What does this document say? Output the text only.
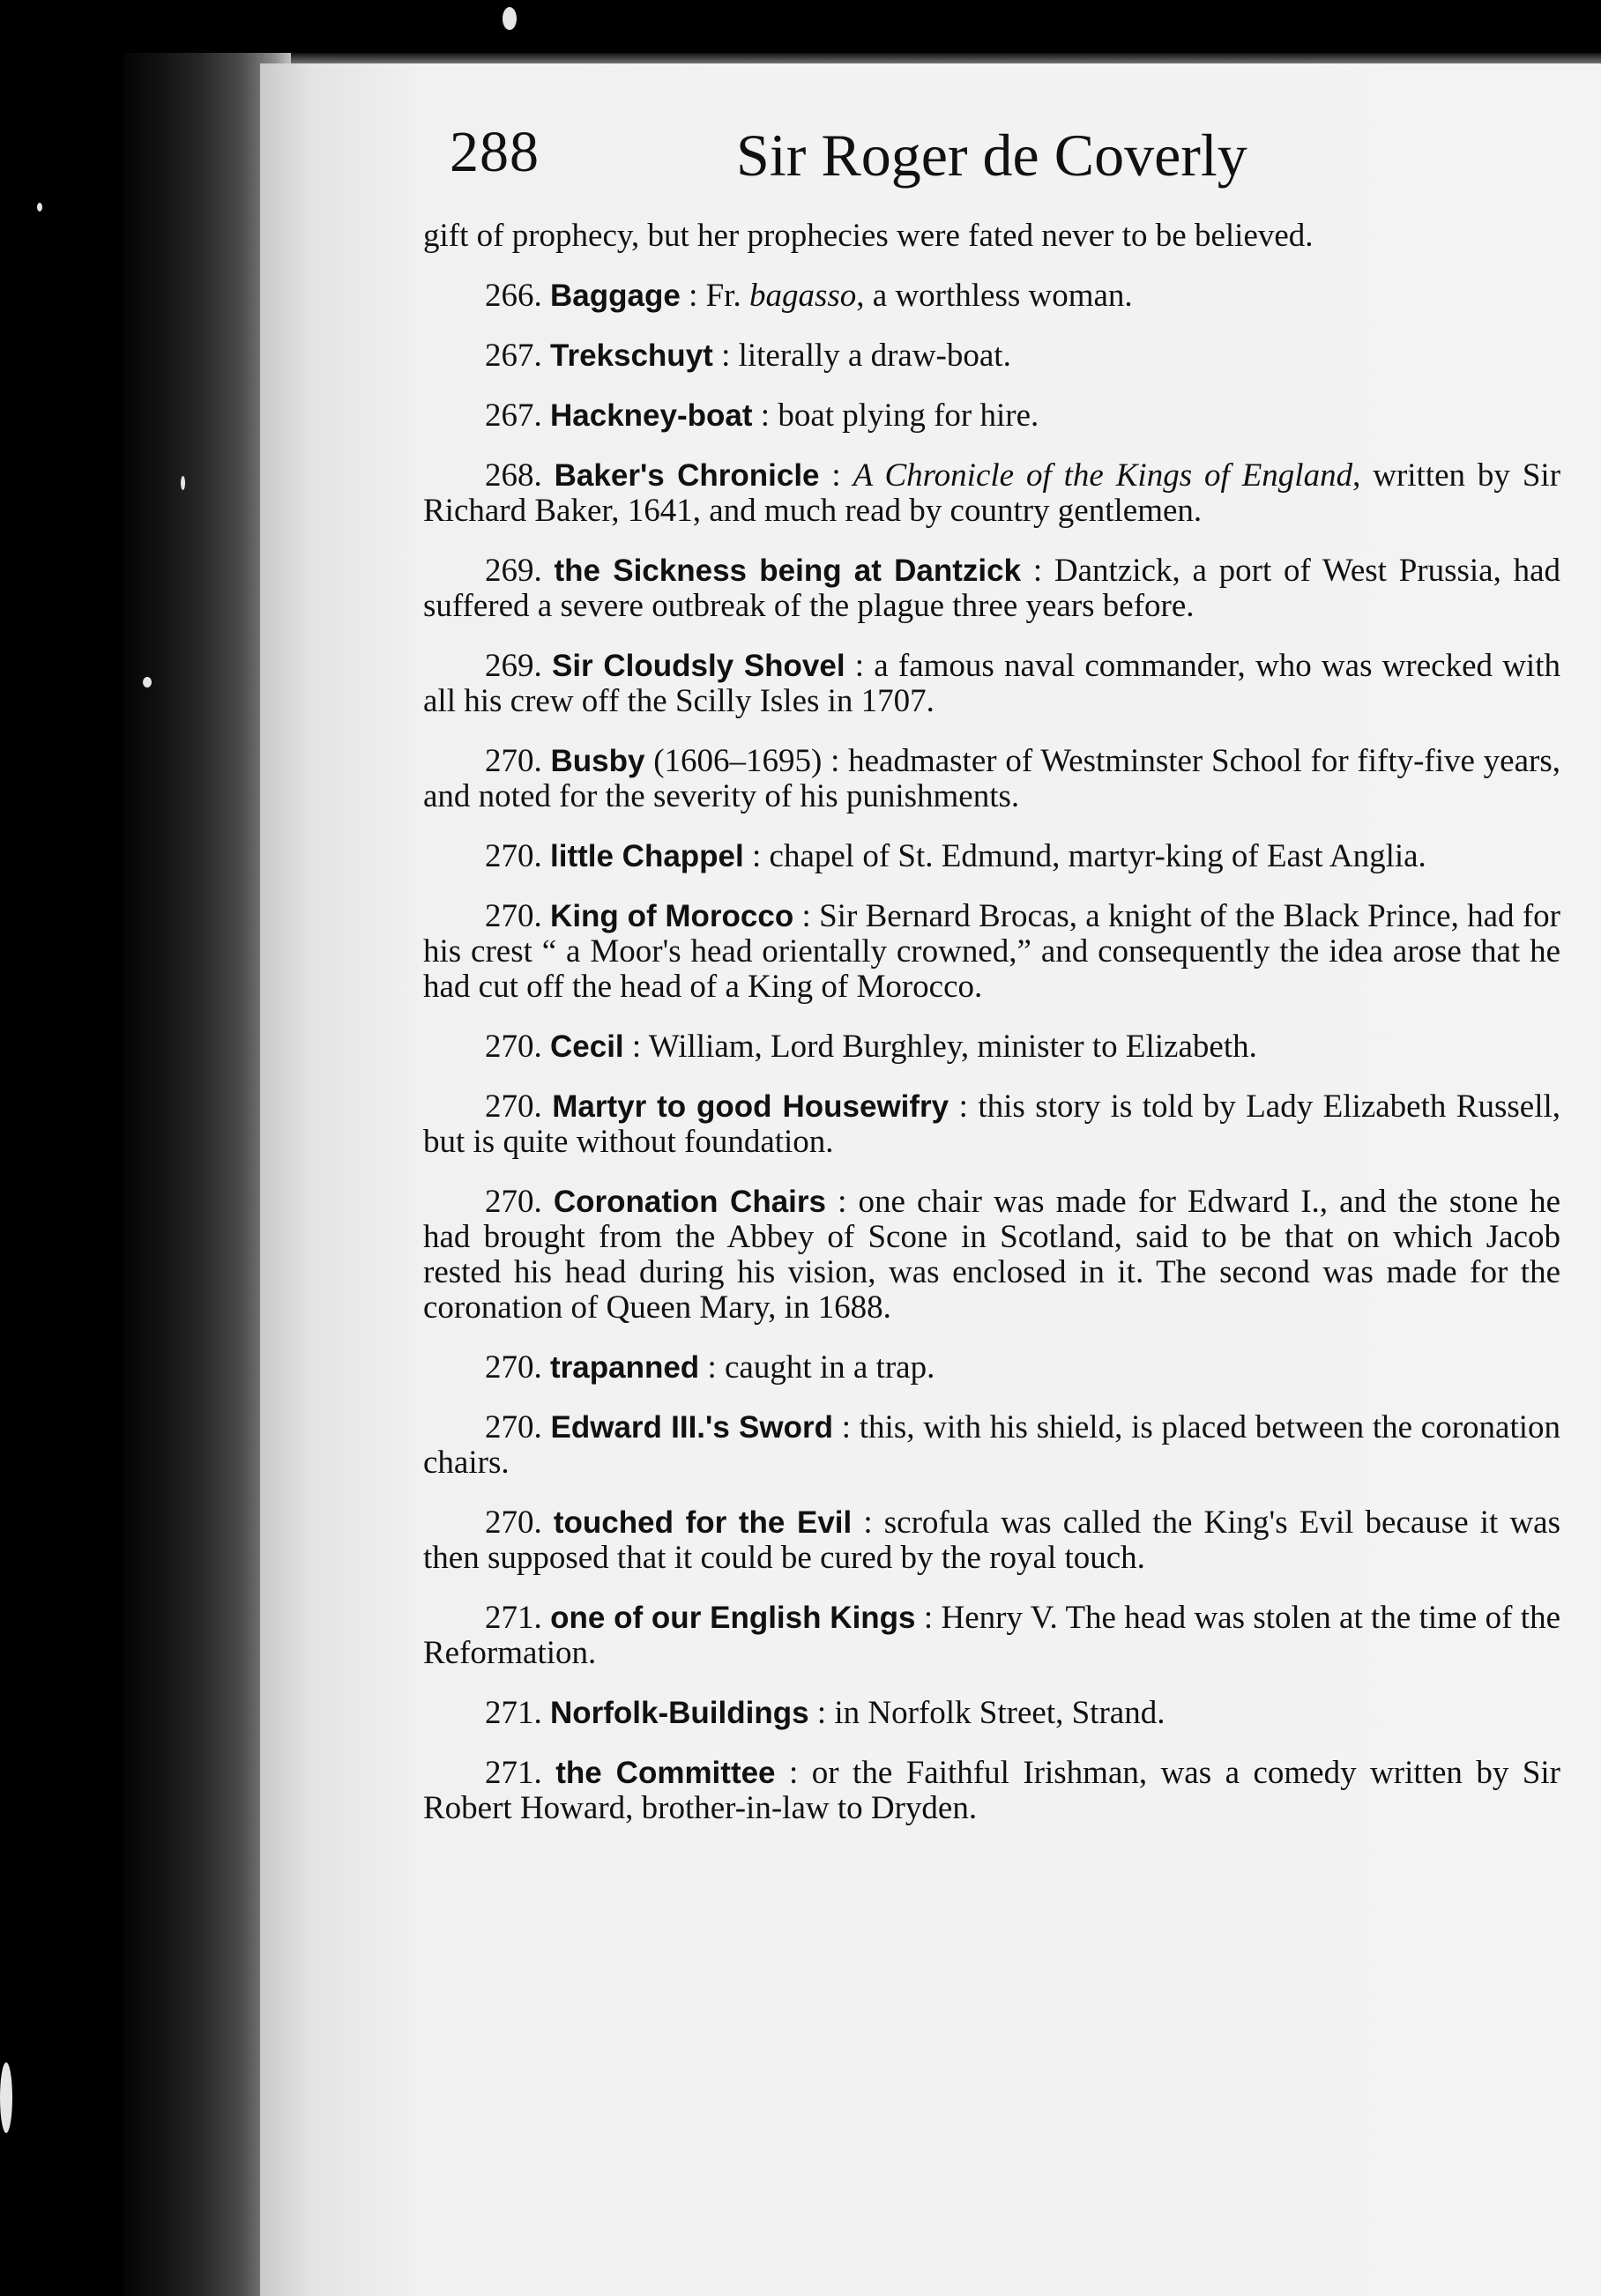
288	Sir Roger de Coverly

gift of prophecy, but her prophecies were fated never to be believed.

266. Baggage : Fr. bagasso, a worthless woman.

267. Trekschuyt : literally a draw-boat.

267. Hackney-boat : boat plying for hire.

268. Baker's Chronicle : A Chronicle of the Kings of England, written by Sir Richard Baker, 1641, and much read by country gentlemen.

269. the Sickness being at Dantzick : Dantzick, a port of West Prussia, had suffered a severe outbreak of the plague three years before.

269. Sir Cloudsly Shovel : a famous naval commander, who was wrecked with all his crew off the Scilly Isles in 1707.

270. Busby (1606–1695) : headmaster of Westminster School for fifty-five years, and noted for the severity of his punishments.

270. little Chappel : chapel of St. Edmund, martyr-king of East Anglia.

270. King of Morocco : Sir Bernard Brocas, a knight of the Black Prince, had for his crest “ a Moor's head orientally crowned,” and consequently the idea arose that he had cut off the head of a King of Morocco.

270. Cecil : William, Lord Burghley, minister to Elizabeth.

270. Martyr to good Housewifry : this story is told by Lady Elizabeth Russell, but is quite without foundation.

270. Coronation Chairs : one chair was made for Edward I., and the stone he had brought from the Abbey of Scone in Scotland, said to be that on which Jacob rested his head during his vision, was enclosed in it. The second was made for the coronation of Queen Mary, in 1688.

270. trapanned : caught in a trap.

270. Edward III.'s Sword : this, with his shield, is placed between the coronation chairs.

270. touched for the Evil : scrofula was called the King's Evil because it was then supposed that it could be cured by the royal touch.

271. one of our English Kings : Henry V. The head was stolen at the time of the Reformation.

271. Norfolk-Buildings : in Norfolk Street, Strand.

271. the Committee : or the Faithful Irishman, was a comedy written by Sir Robert Howard, brother-in-law to Dryden.
